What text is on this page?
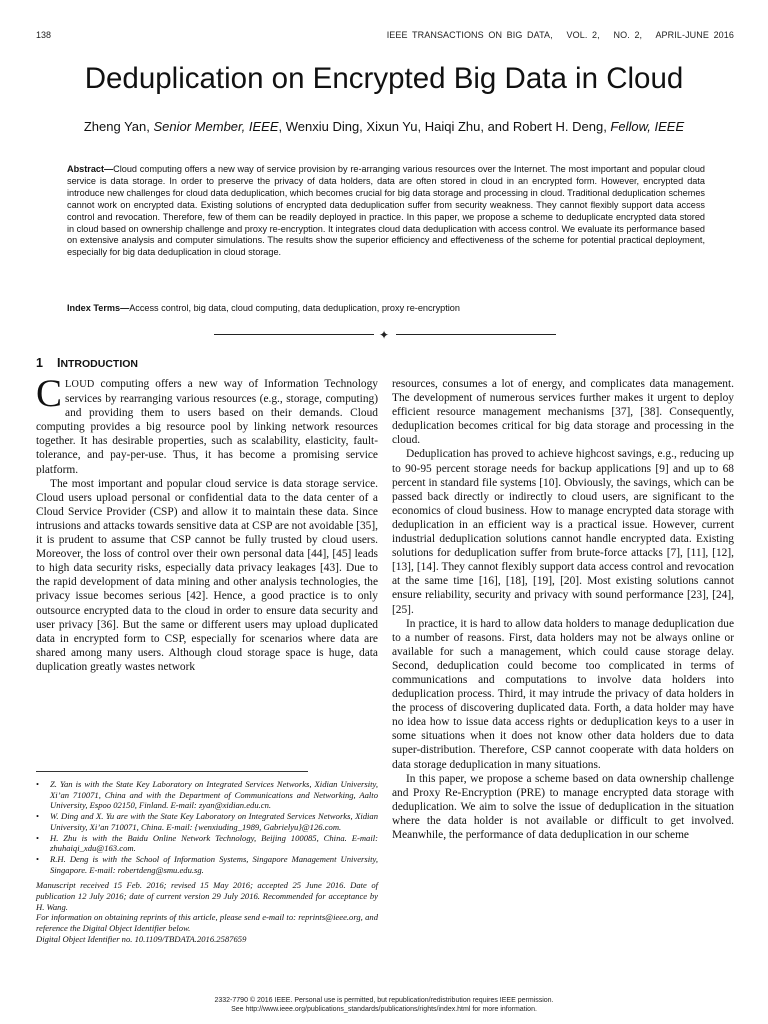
138	IEEE TRANSACTIONS ON BIG DATA,   VOL. 2,   NO. 2,   APRIL-JUNE 2016
Deduplication on Encrypted Big Data in Cloud
Zheng Yan, Senior Member, IEEE, Wenxiu Ding, Xixun Yu, Haiqi Zhu, and Robert H. Deng, Fellow, IEEE
Abstract—Cloud computing offers a new way of service provision by re-arranging various resources over the Internet. The most important and popular cloud service is data storage. In order to preserve the privacy of data holders, data are often stored in cloud in an encrypted form. However, encrypted data introduce new challenges for cloud data deduplication, which becomes crucial for big data storage and processing in cloud. Traditional deduplication schemes cannot work on encrypted data. Existing solutions of encrypted data deduplication suffer from security weakness. They cannot flexibly support data access control and revocation. Therefore, few of them can be readily deployed in practice. In this paper, we propose a scheme to deduplicate encrypted data stored in cloud based on ownership challenge and proxy re-encryption. It integrates cloud data deduplication with access control. We evaluate its performance based on extensive analysis and computer simulations. The results show the superior efficiency and effectiveness of the scheme for potential practical deployment, especially for big data deduplication in cloud storage.
Index Terms—Access control, big data, cloud computing, data deduplication, proxy re-encryption
✦
1 INTRODUCTION

CLOUD computing offers a new way of Information Technology services by rearranging various resources (e.g., storage, computing) and providing them to users based on their demands. Cloud computing provides a big resource pool by linking network resources together. It has desirable properties, such as scalability, elasticity, fault-tolerance, and pay-per-use. Thus, it has become a promising service platform.

The most important and popular cloud service is data storage service. Cloud users upload personal or confidential data to the data center of a Cloud Service Provider (CSP) and allow it to maintain these data. Since intrusions and attacks towards sensitive data at CSP are not avoidable [35], it is prudent to assume that CSP cannot be fully trusted by cloud users. Moreover, the loss of control over their own personal data [44], [45] leads to high data security risks, especially data privacy leakages [43]. Due to the rapid development of data mining and other analysis technologies, the privacy issue becomes serious [42]. Hence, a good practice is to only outsource encrypted data to the cloud in order to ensure data security and user privacy [36]. But the same or different users may upload duplicated data in encrypted form to CSP, especially for scenarios where data are shared among many users. Although cloud storage space is huge, data duplication greatly wastes network

resources, consumes a lot of energy, and complicates data management. The development of numerous services further makes it urgent to deploy efficient resource management mechanisms [37], [38]. Consequently, deduplication becomes critical for big data storage and processing in the cloud.

Deduplication has proved to achieve highcost savings, e.g., reducing up to 90-95 percent storage needs for backup applications [9] and up to 68 percent in standard file systems [10]. Obviously, the savings, which can be passed back directly or indirectly to cloud users, are significant to the economics of cloud business. How to manage encrypted data storage with deduplication in an efficient way is a practical issue. However, current industrial deduplication solutions cannot handle encrypted data. Existing solutions for deduplication suffer from brute-force attacks [7], [11], [12], [13], [14]. They cannot flexibly support data access control and revocation at the same time [16], [18], [19], [20]. Most existing solutions cannot ensure reliability, security and privacy with sound performance [23], [24], [25].

In practice, it is hard to allow data holders to manage deduplication due to a number of reasons. First, data holders may not be always online or available for such a management, which could cause storage delay. Second, deduplication could become too complicated in terms of communications and computations to involve data holders into deduplication process. Third, it may intrude the privacy of data holders in the process of discovering duplicated data. Forth, a data holder may have no idea how to issue data access rights or deduplication keys to a user in some situations when it does not know other data holders due to data super-distribution. Therefore, CSP cannot cooperate with data holders on data storage deduplication in many situations.

In this paper, we propose a scheme based on data ownership challenge and Proxy Re-Encryption (PRE) to manage encrypted data storage with deduplication. We aim to solve the issue of deduplication in the situation where the data holder is not available or difficult to get involved. Meanwhile, the performance of data deduplication in our scheme

• Z. Yan is with the State Key Laboratory on Integrated Services Networks, Xidian University, Xi’an 710071, China and with the Department of Communications and Networking, Aalto University, Espoo 02150, Finland. E-mail: zyan@xidian.edu.cn.

• W. Ding and X. Yu are with the State Key Laboratory on Integrated Services Networks, Xidian University, Xi’an 710071, China. E-mail: {wenxiuding_1989, Gabrielyu}@126.com.

• H. Zhu is with the Baidu Online Network Technology, Beijing 100085, China. E-mail: zhuhaiqi_xdu@163.com.

• R.H. Deng is with the School of Information Systems, Singapore Management University, Singapore. E-mail: robertdeng@smu.edu.sg.

Manuscript received 15 Feb. 2016; revised 15 May 2016; accepted 25 June 2016. Date of publication 12 July 2016; date of current version 29 July 2016. Recommended for acceptance by H. Wang.

For information on obtaining reprints of this article, please send e-mail to: reprints@ieee.org, and reference the Digital Object Identifier below.

Digital Object Identifier no. 10.1109/TBDATA.2016.2587659

2332-7790 © 2016 IEEE. Personal use is permitted, but republication/redistribution requires IEEE permission.
See http://www.ieee.org/publications_standards/publications/rights/index.html for more information.
